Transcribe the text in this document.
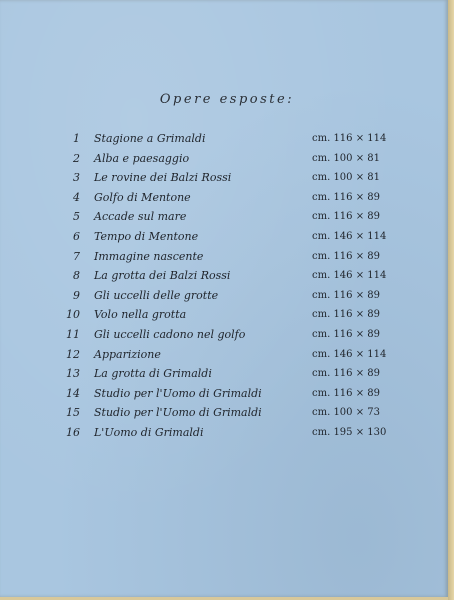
Opere esposte:
1 Stagione a Grimaldi	cm. 116 × 114
2 Alba e paesaggio	cm. 100 × 81
3 Le rovine dei Balzi Rossi	cm. 100 × 81
4 Golfo di Mentone	cm. 116 × 89
5 Accade sul mare	cm. 116 × 89
6 Tempo di Mentone	cm. 146 × 114
7 Immagine nascente	cm. 116 × 89
8 La grotta dei Balzi Rossi	cm. 146 × 114
9 Gli uccelli delle grotte	cm. 116 × 89
10 Volo nella grotta	cm. 116 × 89
11 Gli uccelli cadono nel golfo	cm. 116 × 89
12 Apparizione	cm. 146 × 114
13 La grotta di Grimaldi	cm. 116 × 89
14 Studio per l'Uomo di Grimaldi	cm. 116 × 89
15 Studio per l'Uomo di Grimaldi	cm. 100 × 73
16 L'Uomo di Grimaldi	cm. 195 × 130
